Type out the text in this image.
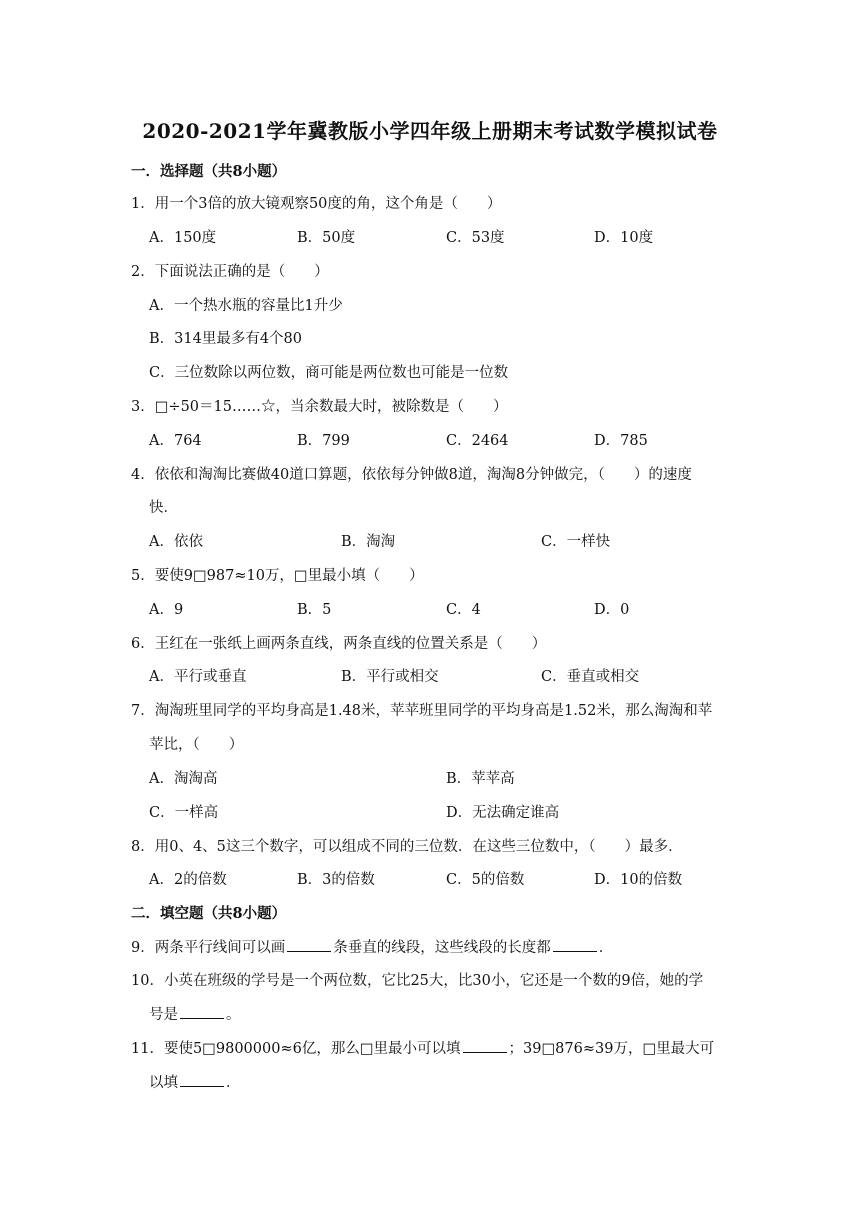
2020-2021学年冀教版小学四年级上册期末考试数学模拟试卷
一．选择题（共8小题）
1．用一个3倍的放大镜观察50度的角，这个角是（　　）
A．150度	B．50度	C．53度	D．10度
2．下面说法正确的是（　　）
A．一个热水瓶的容量比1升少
B．314里最多有4个80
C．三位数除以两位数，商可能是两位数也可能是一位数
3．□÷50＝15……☆，当余数最大时，被除数是（　　）
A．764	B．799	C．2464	D．785
4．依依和淘淘比赛做40道口算题，依依每分钟做8道，淘淘8分钟做完，（　　）的速度
快．
A．依依	B．淘淘	C．一样快
5．要使9□987≈10万，□里最小填（　　）
A．9	B．5	C．4	D．0
6．王红在一张纸上画两条直线，两条直线的位置关系是（　　）
A．平行或垂直	B．平行或相交	C．垂直或相交
7．淘淘班里同学的平均身高是1.48米，苹苹班里同学的平均身高是1.52米，那么淘淘和苹
苹比，（　　）
A．淘淘高	B．苹苹高
C．一样高	D．无法确定谁高
8．用0、4、5这三个数字，可以组成不同的三位数．在这些三位数中，（　　）最多．
A．2的倍数	B．3的倍数	C．5的倍数	D．10的倍数
二．填空题（共8小题）
9．两条平行线间可以画	条垂直的线段，这些线段的长度都	．
10．小英在班级的学号是一个两位数，它比25大，比30小，它还是一个数的9倍，她的学
号是	。
11．要使5□9800000≈6亿，那么□里最小可以填	；39□876≈39万，□里最大可
以填	．
